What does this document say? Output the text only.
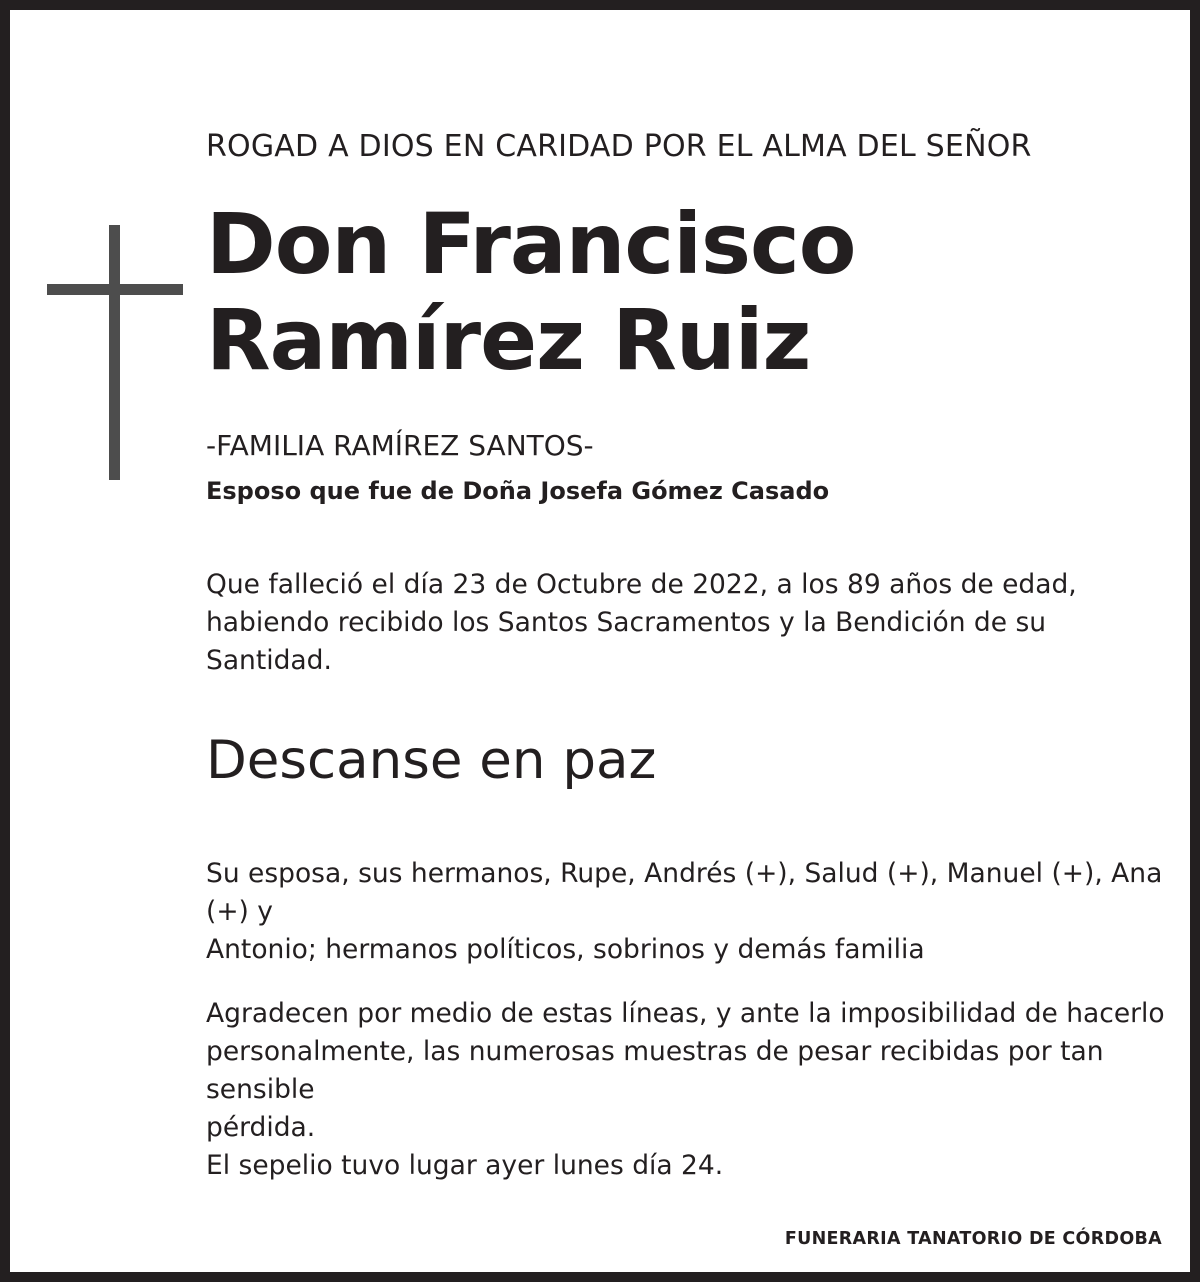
ROGAD A DIOS EN CARIDAD POR EL ALMA DEL SEÑOR

Don Francisco
Ramírez Ruiz

-FAMILIA RAMÍREZ SANTOS-

Esposo que fue de Doña Josefa Gómez Casado

Que falleció el día 23 de Octubre de 2022, a los 89 años de edad,
habiendo recibido los Santos Sacramentos y la Bendición de su
Santidad.

Descanse en paz

Su esposa, sus hermanos, Rupe, Andrés (+), Salud (+), Manuel (+), Ana (+) y
Antonio; hermanos políticos, sobrinos y demás familia

Agradecen por medio de estas líneas, y ante la imposibilidad de hacerlo
personalmente, las numerosas muestras de pesar recibidas por tan sensible
pérdida.
El sepelio tuvo lugar ayer lunes día 24.

FUNERARIA TANATORIO DE CÓRDOBA
